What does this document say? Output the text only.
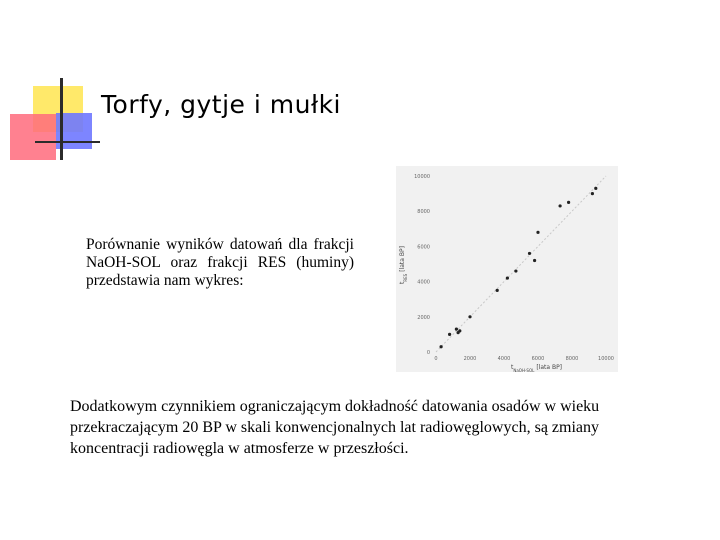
Torfy, gytje i mułki
Porównanie wyników datowań dla frakcji NaOH-SOL oraz frakcji RES (huminy) przedstawia nam wykres:
0	2000	4000	6000	8000	10000
0
2000
4000
6000
8000
10000
$t_{NaOH-SOL}$ [lata BP]
$t_{RES}[lata$ BP]
Dodatkowym czynnikiem ograniczającym dokładność datowania osadów w wieku przekraczającym 20 BP w skali konwencjonalnych lat radiowęglowych, są zmiany koncentracji radiowęgla w atmosferze w przeszłości.
